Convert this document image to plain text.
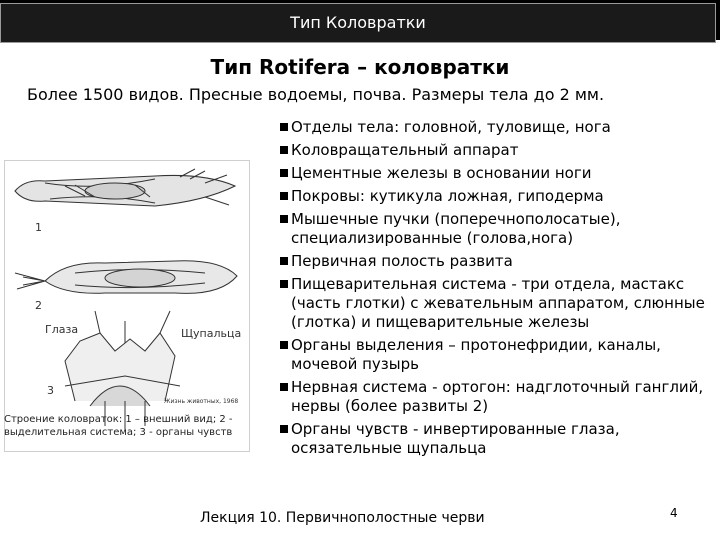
Тип Коловратки
Тип Rotifera – коловратки
Более 1500 видов. Пресные водоемы, почва. Размеры тела до 2 мм.
1
2
Глаза	Щупальца
3
Жизнь животных, 1968
Строение коловраток: 1 – внешний вид; 2 - выделительная система; 3 - органы чувств
Отделы тела: головной, туловище, нога
Коловращательный аппарат
Цементные железы в основании ноги
Покровы: кутикула ложная, гиподерма
Мышечные пучки (поперечнополосатые), специализированные (голова,нога)
Первичная полость развита
Пищеварительная система - три отдела, мастакс (часть глотки) с жевательным аппаратом, слюнные (глотка) и пищеварительные железы
Органы выделения – протонефридии, каналы, мочевой пузырь
Нервная система - ортогон: надглоточный ганглий, нервы (более развиты 2)
Органы чувств - инвертированные глаза, осязательные щупальца
Лекция 10. Первичнополостные черви	4
